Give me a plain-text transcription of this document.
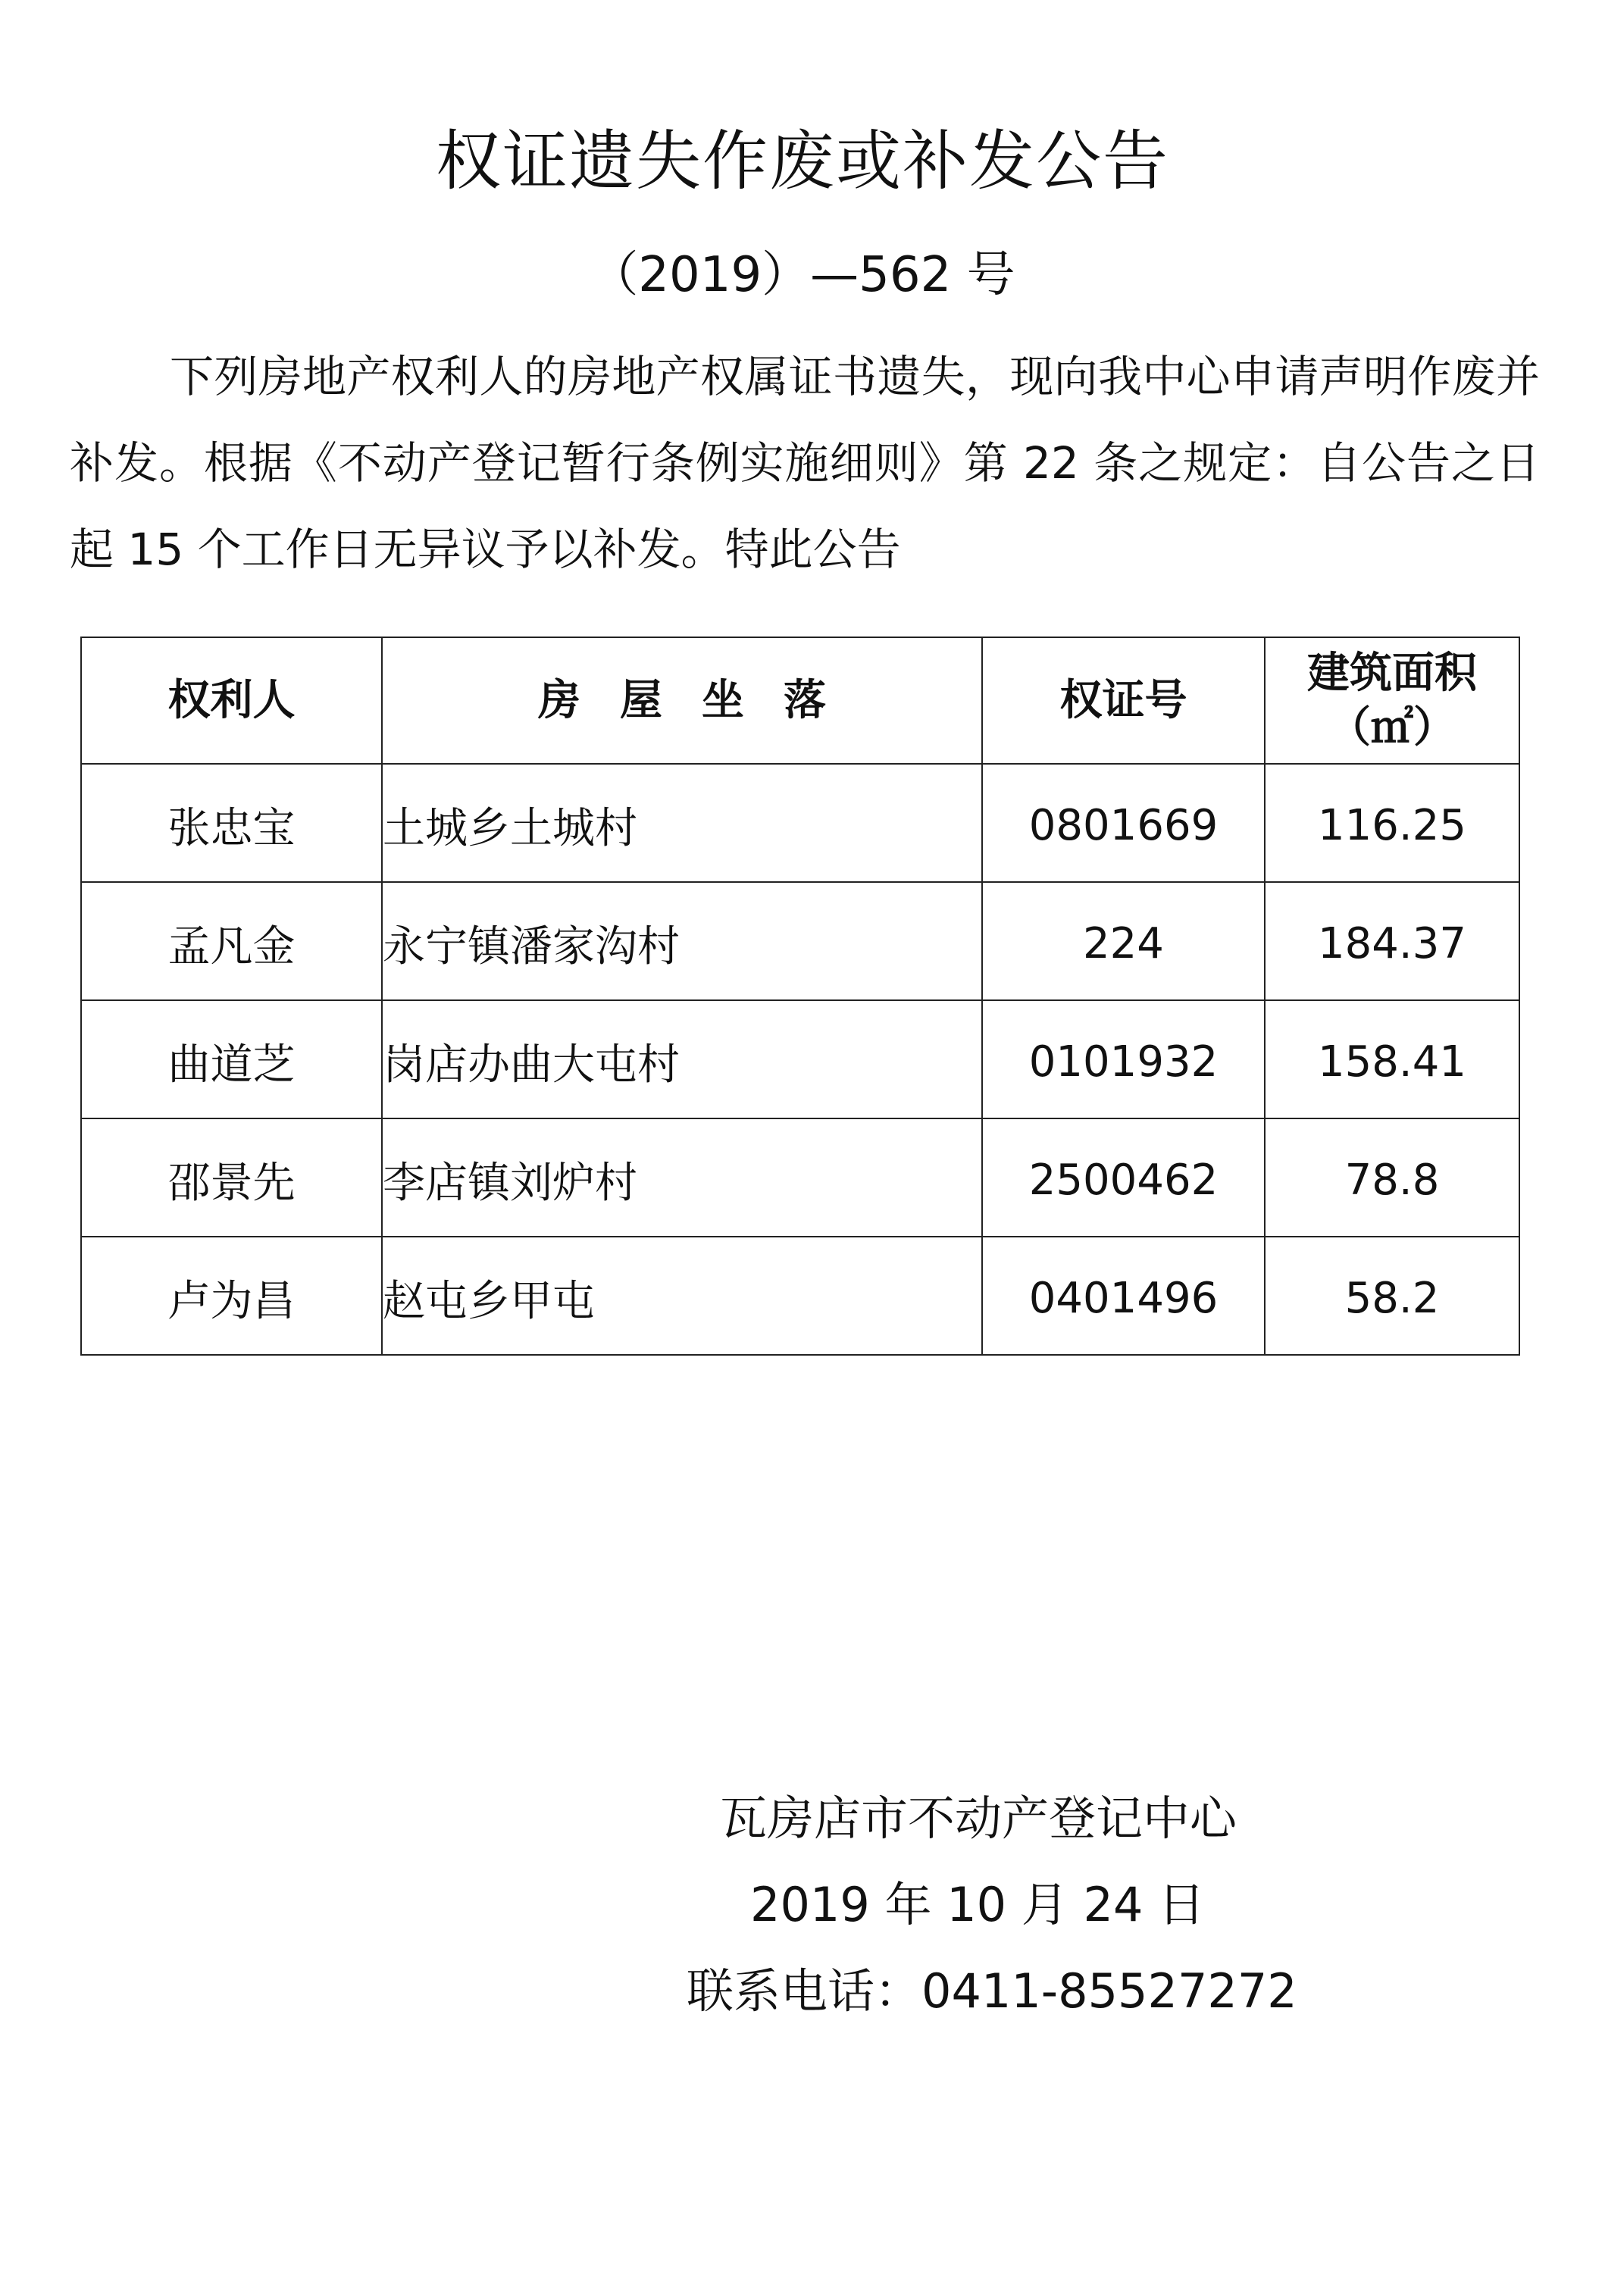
权证遗失作废或补发公告
（2019）—562 号

下列房地产权利人的房地产权属证书遗失，现向我中心申请声明作废并补发。根据《不动产登记暂行条例实施细则》第 22 条之规定：自公告之日起 15 个工作日无异议予以补发。特此公告

权利人	房屋坐落	权证号	建筑面积
（㎡）

张忠宝	土城乡土城村	0801669	116.25
孟凡金	永宁镇潘家沟村	224	184.37
曲道芝	岗店办曲大屯村	0101932	158.41
邵景先	李店镇刘炉村	2500462	78.8
卢为昌	赵屯乡甲屯	0401496	58.2
瓦房店市不动产登记中心
2019 年 10 月 24 日
联系电话：0411-85527272
